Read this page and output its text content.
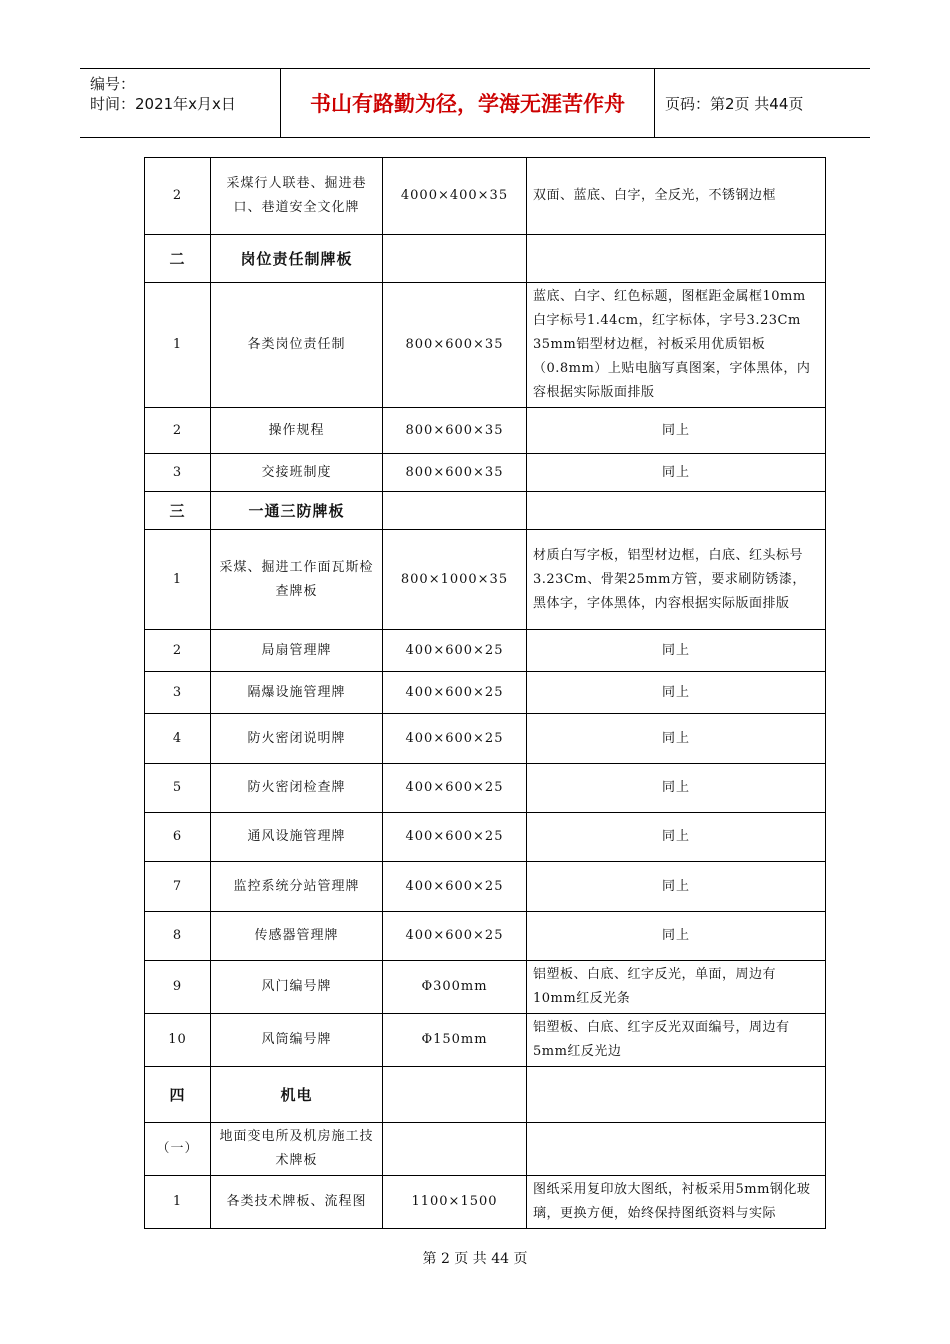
编号：
时间：2021年x月x日	书山有路勤为径，学海无涯苦作舟	页码：第2页 共44页
2	采煤行人联巷、掘进巷口、巷道安全文化牌	4000×400×35	双面、蓝底、白字，全反光，不锈钢边框
二	岗位责任制牌板		
1	各类岗位责任制	800×600×35	蓝底、白字、红色标题，图框距金属框10mm白字标号1.44cm，红字标体，字号3.23Cm 35mm铝型材边框，衬板采用优质铝板（0.8mm）上贴电脑写真图案，字体黑体，内容根据实际版面排版
2	操作规程	800×600×35	同上
3	交接班制度	800×600×35	同上
三	一通三防牌板		
1	采煤、掘进工作面瓦斯检查牌板	800×1000×35	材质白写字板，铝型材边框，白底、红头标号3.23Cm、骨架25mm方管，要求刷防锈漆，黑体字，字体黑体，内容根据实际版面排版
2	局扇管理牌	400×600×25	同上
3	隔爆设施管理牌	400×600×25	同上
4	防火密闭说明牌	400×600×25	同上
5	防火密闭检查牌	400×600×25	同上
6	通风设施管理牌	400×600×25	同上
7	监控系统分站管理牌	400×600×25	同上
8	传感器管理牌	400×600×25	同上
9	风门编号牌	Φ300mm	铝塑板、白底、红字反光，单面，周边有10mm红反光条
10	风筒编号牌	Φ150mm	铝塑板、白底、红字反光双面编号，周边有5mm红反光边
四	机电		
（一）	地面变电所及机房施工技术牌板		
1	各类技术牌板、流程图	1100×1500	图纸采用复印放大图纸，衬板采用5mm钢化玻璃，更换方便，始终保持图纸资料与实际
第 2 页 共 44 页
